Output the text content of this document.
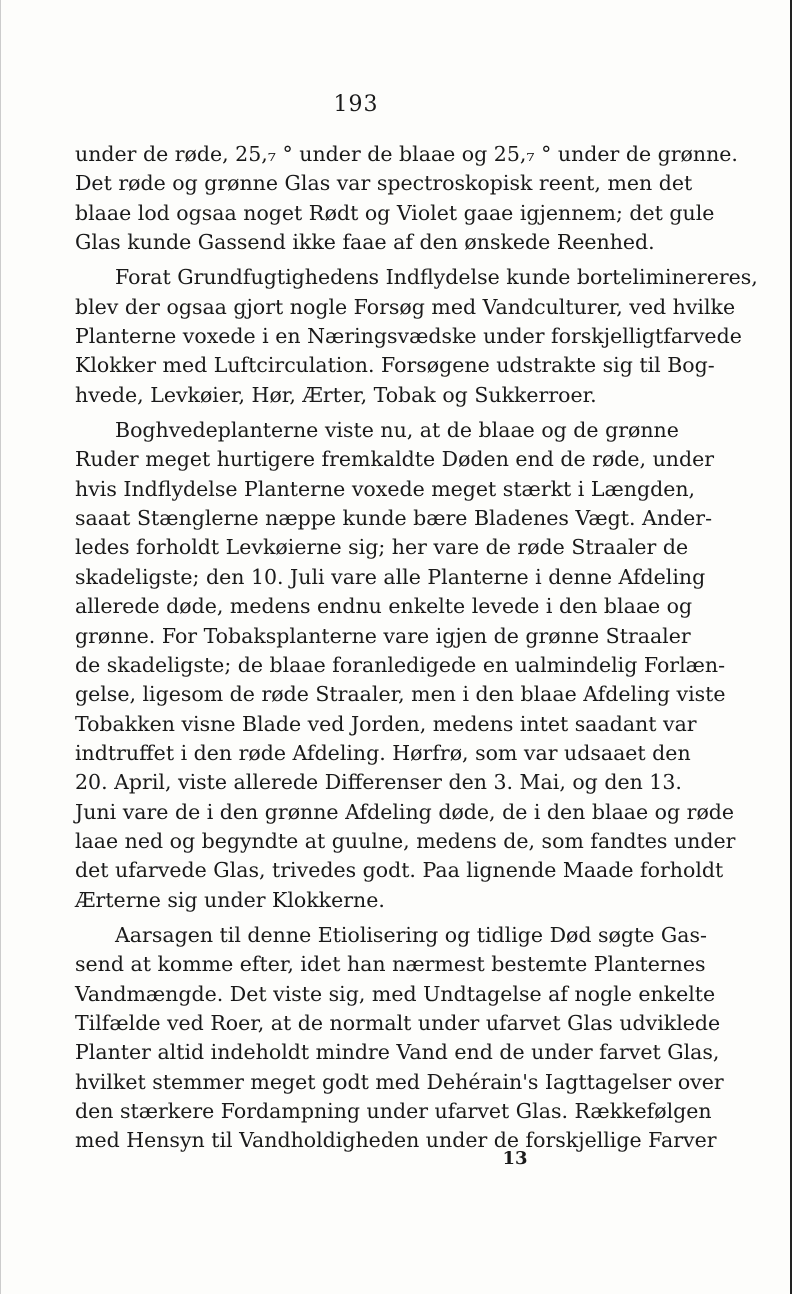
193
under de røde, 25,₇ ° under de blaae og 25,₇ ° under de grønne.
Det røde og grønne Glas var spectroskopisk reent, men det
blaae lod ogsaa noget Rødt og Violet gaae igjennem; det gule
Glas kunde Gassend ikke faae af den ønskede Reenhed.
Forat Grundfugtighedens Indflydelse kunde borteliminereres,
blev der ogsaa gjort nogle Forsøg med Vandculturer, ved hvilke
Planterne voxede i en Næringsvædske under forskjelligtfarvede
Klokker med Luftcirculation. Forsøgene udstrakte sig til Bog-
hvede, Levkøier, Hør, Ærter, Tobak og Sukkerroer.
Boghvedeplanterne viste nu, at de blaae og de grønne
Ruder meget hurtigere fremkaldte Døden end de røde, under
hvis Indflydelse Planterne voxede meget stærkt i Længden,
saaat Stænglerne næppe kunde bære Bladenes Vægt. Ander-
ledes forholdt Levkøierne sig; her vare de røde Straaler de
skadeligste; den 10. Juli vare alle Planterne i denne Afdeling
allerede døde, medens endnu enkelte levede i den blaae og
grønne. For Tobaksplanterne vare igjen de grønne Straaler
de skadeligste; de blaae foranledigede en ualmindelig Forlæn-
gelse, ligesom de røde Straaler, men i den blaae Afdeling viste
Tobakken visne Blade ved Jorden, medens intet saadant var
indtruffet i den røde Afdeling. Hørfrø, som var udsaaet den
20. April, viste allerede Differenser den 3. Mai, og den 13.
Juni vare de i den grønne Afdeling døde, de i den blaae og røde
laae ned og begyndte at guulne, medens de, som fandtes under
det ufarvede Glas, trivedes godt. Paa lignende Maade forholdt
Ærterne sig under Klokkerne.
Aarsagen til denne Etiolisering og tidlige Død søgte Gas-
send at komme efter, idet han nærmest bestemte Planternes
Vandmængde. Det viste sig, med Undtagelse af nogle enkelte
Tilfælde ved Roer, at de normalt under ufarvet Glas udviklede
Planter altid indeholdt mindre Vand end de under farvet Glas,
hvilket stemmer meget godt med Dehérain's Iagttagelser over
den stærkere Fordampning under ufarvet Glas. Rækkefølgen
med Hensyn til Vandholdigheden under de forskjellige Farver
13
